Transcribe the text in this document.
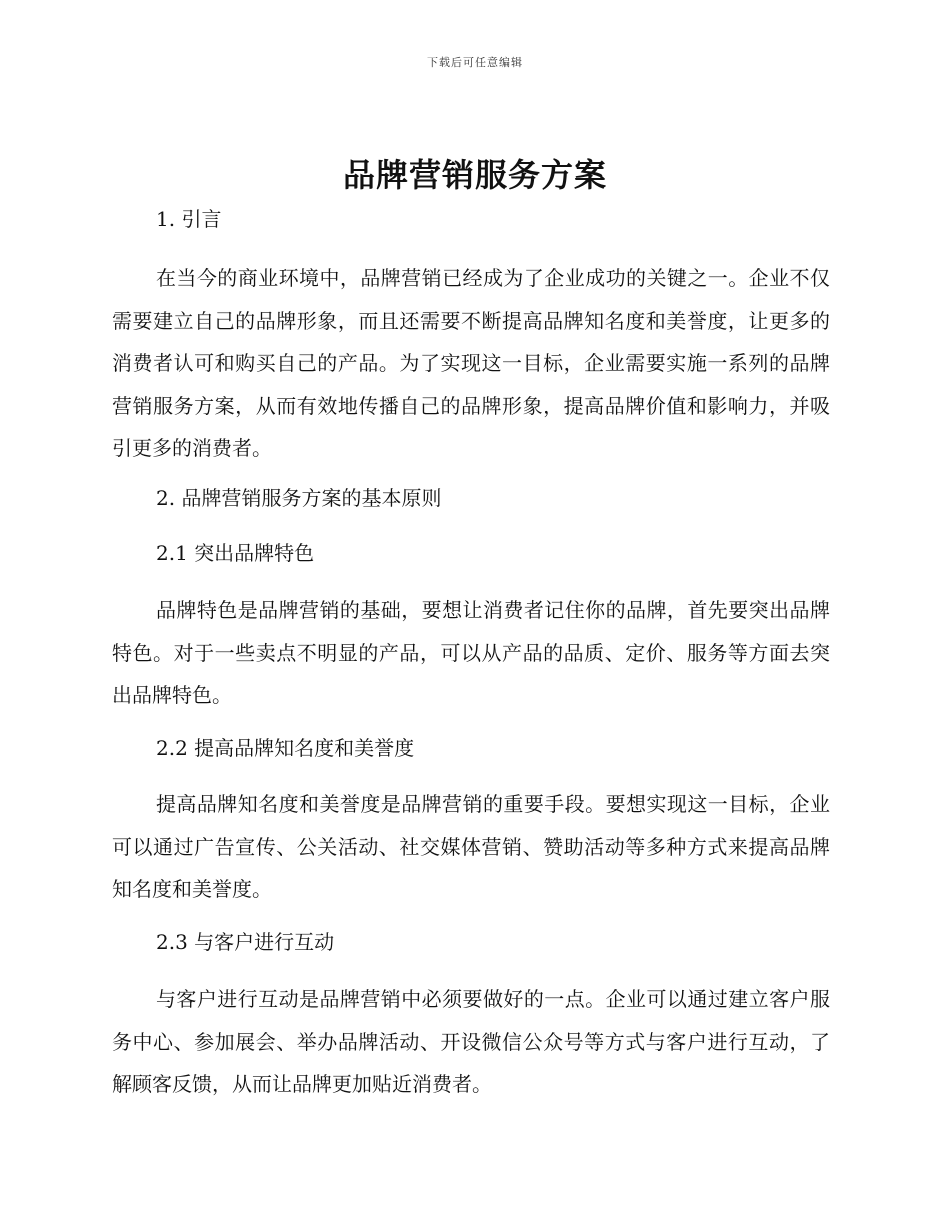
下载后可任意编辑
品牌营销服务方案
1. 引言

在当今的商业环境中，品牌营销已经成为了企业成功的关键之一。企业不仅需要建立自己的品牌形象，而且还需要不断提高品牌知名度和美誉度，让更多的消费者认可和购买自己的产品。为了实现这一目标，企业需要实施一系列的品牌营销服务方案，从而有效地传播自己的品牌形象，提高品牌价值和影响力，并吸引更多的消费者。

2. 品牌营销服务方案的基本原则
2.1 突出品牌特色

品牌特色是品牌营销的基础，要想让消费者记住你的品牌，首先要突出品牌特色。对于一些卖点不明显的产品，可以从产品的品质、定价、服务等方面去突出品牌特色。

2.2 提高品牌知名度和美誉度

提高品牌知名度和美誉度是品牌营销的重要手段。要想实现这一目标，企业可以通过广告宣传、公关活动、社交媒体营销、赞助活动等多种方式来提高品牌知名度和美誉度。

2.3 与客户进行互动

与客户进行互动是品牌营销中必须要做好的一点。企业可以通过建立客户服务中心、参加展会、举办品牌活动、开设微信公众号等方式与客户进行互动，了解顾客反馈，从而让品牌更加贴近消费者。
